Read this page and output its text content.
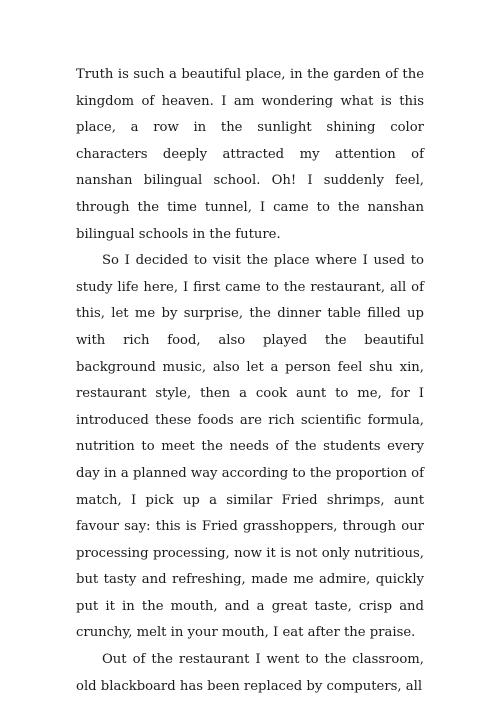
Truth is such a beautiful place, in the garden of the kingdom of heaven. I am wondering what is this place, a row in the sunlight shining color characters deeply attracted my attention of nanshan bilingual school. Oh! I suddenly feel, through the time tunnel, I came to the nanshan bilingual schools in the future.

So I decided to visit the place where I used to study life here, I first came to the restaurant, all of this, let me by surprise, the dinner table filled up with rich food, also played the beautiful background music, also let a person feel shu xin, restaurant style, then a cook aunt to me, for I introduced these foods are rich scientific formula, nutrition to meet the needs of the students every day in a planned way according to the proportion of match, I pick up a similar Fried shrimps, aunt favour say: this is Fried grasshoppers, through our processing processing, now it is not only nutritious, but tasty and refreshing, made me admire, quickly put it in the mouth, and a great taste, crisp and crunchy, melt in your mouth, I eat after the praise.

Out of the restaurant I went to the classroom, old blackboard has been replaced by computers, all
